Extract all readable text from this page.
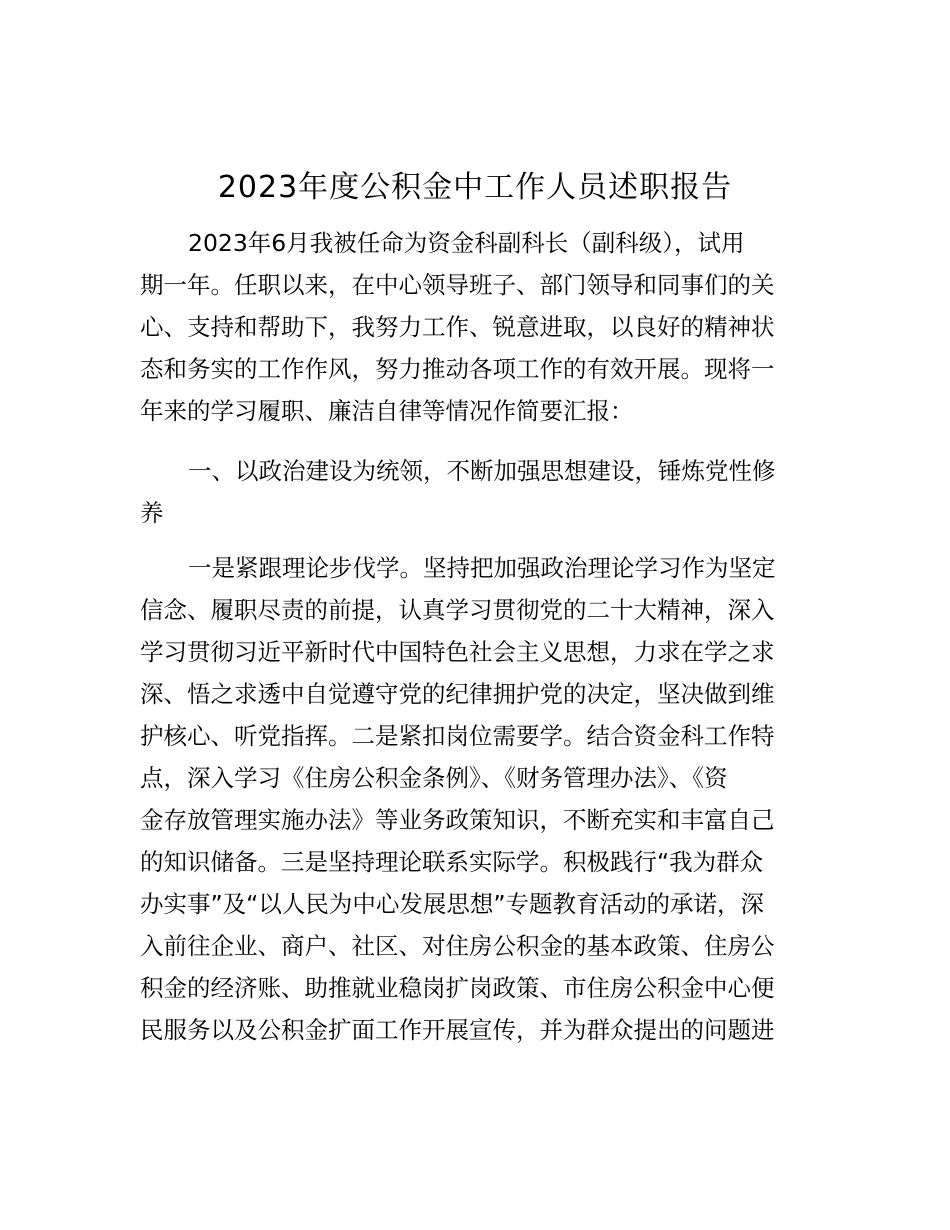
2023年度公积金中工作人员述职报告
2023年6月我被任命为资金科副科长（副科级），试用
期一年。任职以来，在中心领导班子、部门领导和同事们的关
心、支持和帮助下，我努力工作、锐意进取，以良好的精神状
态和务实的工作作风，努力推动各项工作的有效开展。现将一
年来的学习履职、廉洁自律等情况作简要汇报：
一、以政治建设为统领，不断加强思想建设，锤炼党性修
养
一是紧跟理论步伐学。坚持把加强政治理论学习作为坚定
信念、履职尽责的前提，认真学习贯彻党的二十大精神，深入
学习贯彻习近平新时代中国特色社会主义思想，力求在学之求
深、悟之求透中自觉遵守党的纪律拥护党的决定，坚决做到维
护核心、听党指挥。二是紧扣岗位需要学。结合资金科工作特
点，深入学习《住房公积金条例》、《财务管理办法》、《资
金存放管理实施办法》等业务政策知识，不断充实和丰富自己
的知识储备。三是坚持理论联系实际学。积极践行“我为群众
办实事”及“以人民为中心发展思想”专题教育活动的承诺，深
入前往企业、商户、社区、对住房公积金的基本政策、住房公
积金的经济账、助推就业稳岗扩岗政策、市住房公积金中心便
民服务以及公积金扩面工作开展宣传，并为群众提出的问题进
